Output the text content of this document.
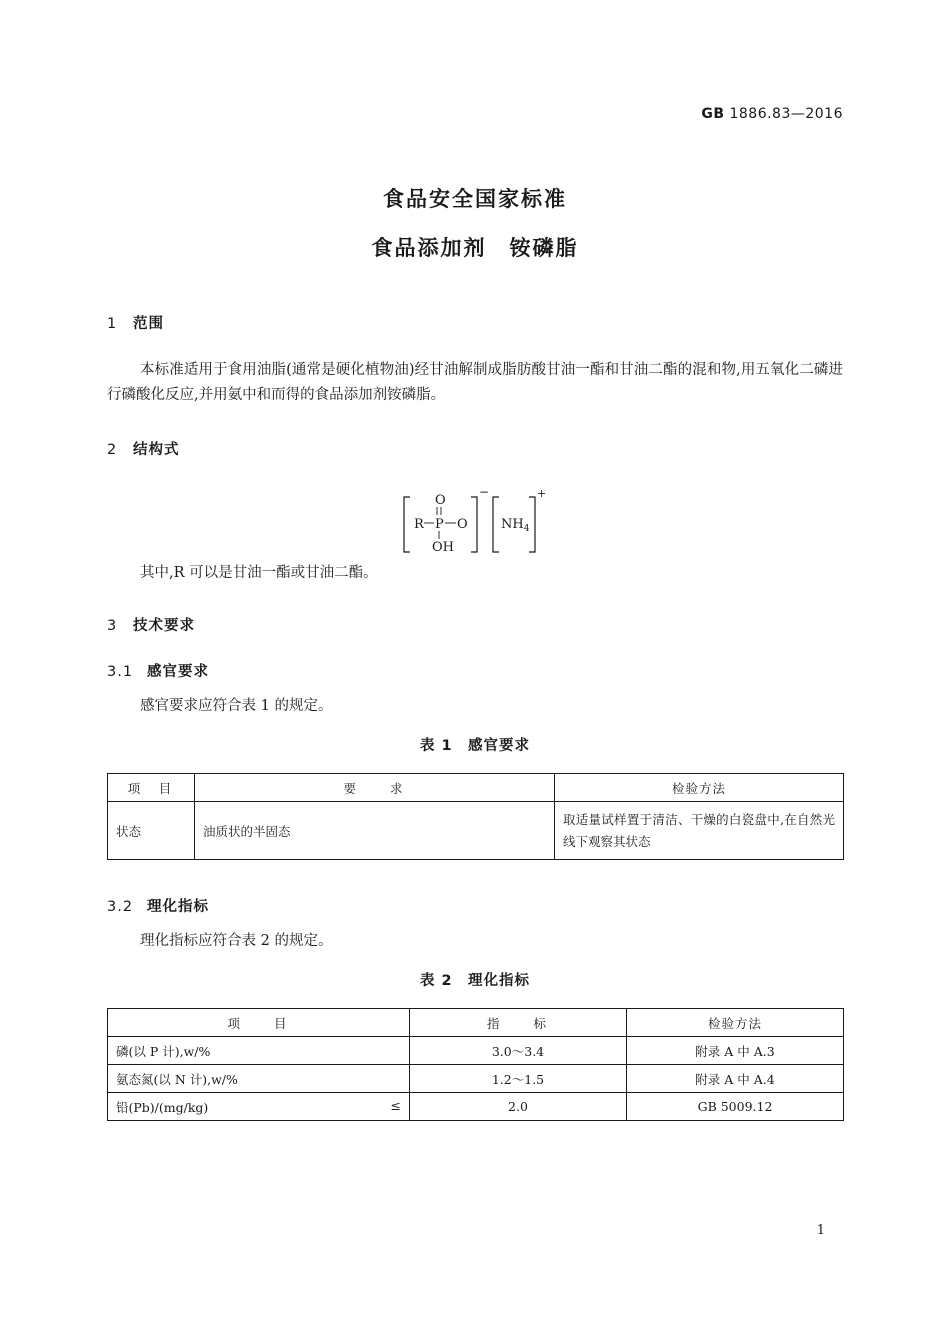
GB 1886.83—2016
食品安全国家标准
食品添加剂　铵磷脂
1 范围
本标准适用于食用油脂(通常是硬化植物油)经甘油解制成脂肪酸甘油一酯和甘油二酯的混和物,用五氧化二磷进行磷酸化反应,并用氨中和而得的食品添加剂铵磷脂。
2 结构式
O
R P O
OH
−
$NH_4$
+
其中,R 可以是甘油一酯或甘油二酯。
3 技术要求
3.1 感官要求
感官要求应符合表 1 的规定。
表 1　感官要求
项　目	要　　求	检验方法
状态	油质状的半固态	取适量试样置于清洁、干燥的白瓷盘中,在自然光线下观察其状态
3.2 理化指标
理化指标应符合表 2 的规定。
表 2　理化指标
项　　目	指　　标	检验方法
磷(以 P 计),w/%	3.0～3.4	附录 A 中 A.3
氨态氮(以 N 计),w/%	1.2～1.5	附录 A 中 A.4
铅(Pb)/(mg/kg) ≤	2.0	GB 5009.12
1
